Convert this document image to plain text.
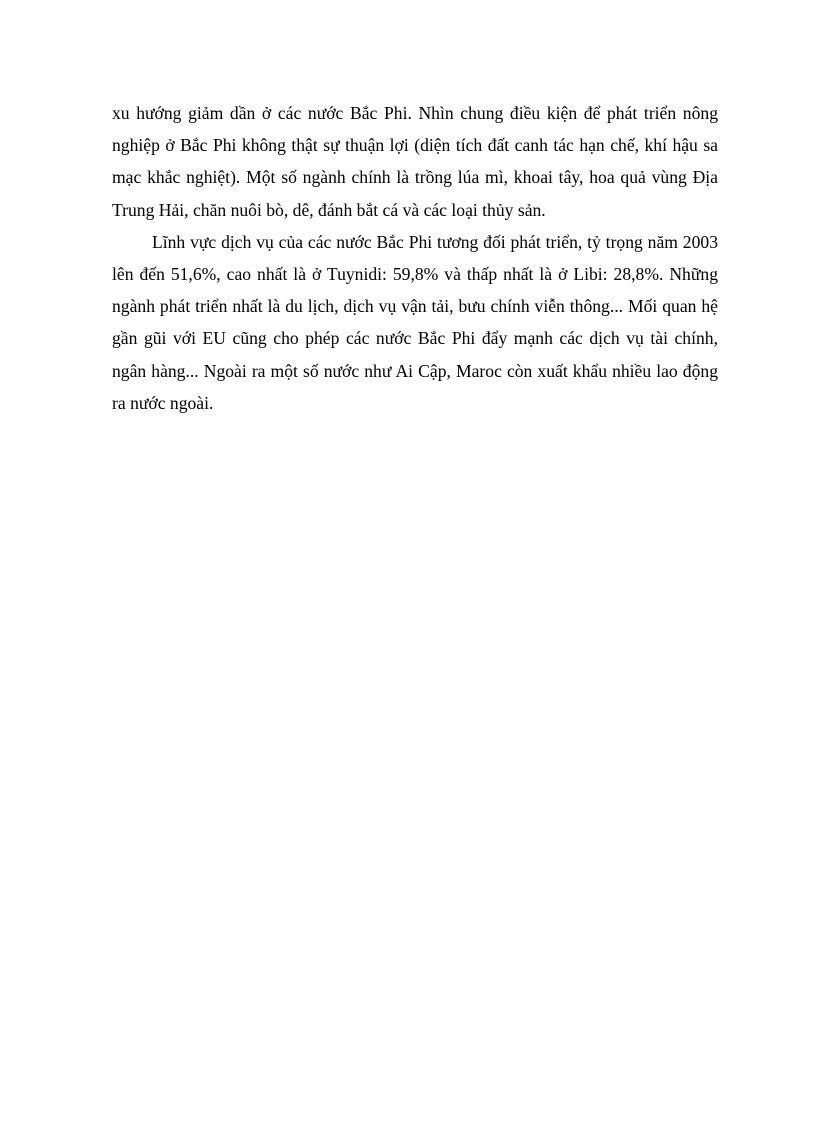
xu hướng giảm dần ở các nước Bắc Phi. Nhìn chung điều kiện để phát triển nông nghiệp ở Bắc Phi không thật sự thuận lợi (diện tích đất canh tác hạn chế, khí hậu sa mạc khắc nghiệt). Một số ngành chính là trồng lúa mì, khoai tây, hoa quả vùng Địa Trung Hải, chăn nuôi bò, dê, đánh bắt cá và các loại thủy sản.

Lĩnh vực dịch vụ của các nước Bắc Phi tương đối phát triển, tỷ trọng năm 2003 lên đến 51,6%, cao nhất là ở Tuynidi: 59,8% và thấp nhất là ở Libi: 28,8%. Những ngành phát triển nhất là du lịch, dịch vụ vận tải, bưu chính viễn thông... Mối quan hệ gần gũi với EU cũng cho phép các nước Bắc Phi đẩy mạnh các dịch vụ tài chính, ngân hàng... Ngoài ra một số nước như Ai Cập, Maroc còn xuất khẩu nhiều lao động ra nước ngoài.
